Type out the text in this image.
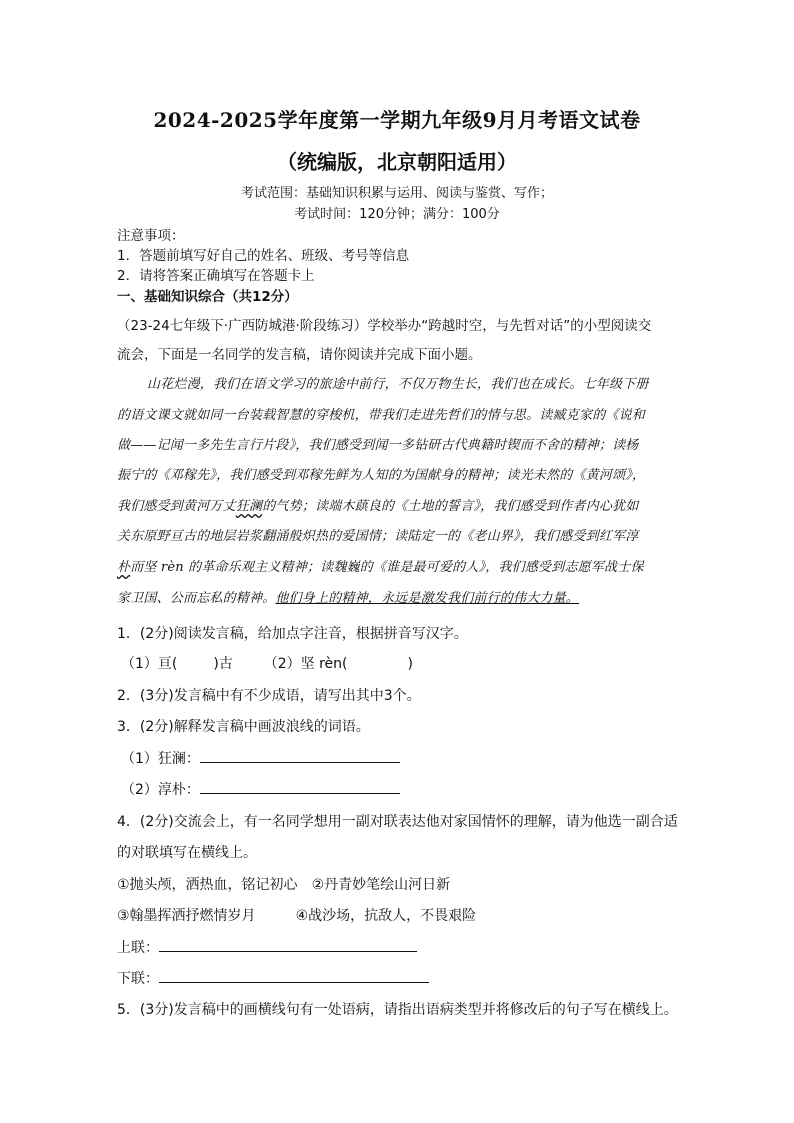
2024-2025学年度第一学期九年级9月月考语文试卷
（统编版，北京朝阳适用）
考试范围：基础知识积累与运用、阅读与鉴赏、写作；
考试时间：120分钟；满分：100分
注意事项：
1．答题前填写好自己的姓名、班级、考号等信息
2．请将答案正确填写在答题卡上
一、基础知识综合（共12分）
（23-24七年级下·广西防城港·阶段练习）学校举办“跨越时空，与先哲对话”的小型阅读交
流会，下面是一名同学的发言稿，请你阅读并完成下面小题。
山花烂漫，我们在语文学习的旅途中前行，不仅万物生长，我们也在成长。七年级下册
的语文课文就如同一台装载智慧的穿梭机，带我们走进先哲们的情与思。读臧克家的《说和
做——记闻一多先生言行片段》，我们感受到闻一多钻研古代典籍时锲而不舍的精神；读杨
振宁的《邓稼先》，我们感受到邓稼先鲜为人知的为国献身的精神；读光未然的《黄河颂》，
我们感受到黄河万丈狂澜的气势；读端木蕻良的《土地的誓言》，我们感受到作者内心犹如
关东原野亘古的地层岩浆翻涌般炽热的爱国情；读陆定一的《老山界》，我们感受到红军淳
朴而坚 rèn 的革命乐观主义精神；读魏巍的《谁是最可爱的人》，我们感受到志愿军战士保
家卫国、公而忘私的精神。他们身上的精神，永远是激发我们前行的伟大力量。
1．(2分)阅读发言稿，给加点字注音，根据拼音写汉字。
（1）亘(	)古 （2）坚 rèn(	)
2．(3分)发言稿中有不少成语，请写出其中3个。
3．(2分)解释发言稿中画波浪线的词语。
（1）狂澜：
（2）淳朴：
4．(2分)交流会上，有一名同学想用一副对联表达他对家国情怀的理解，请为他选一副合适
的对联填写在横线上。
①抛头颅，洒热血，铭记初心 ②丹青妙笔绘山河日新
③翰墨挥洒抒燃情岁月	④战沙场，抗敌人，不畏艰险
上联：
下联：
5．(3分)发言稿中的画横线句有一处语病，请指出语病类型并将修改后的句子写在横线上。
